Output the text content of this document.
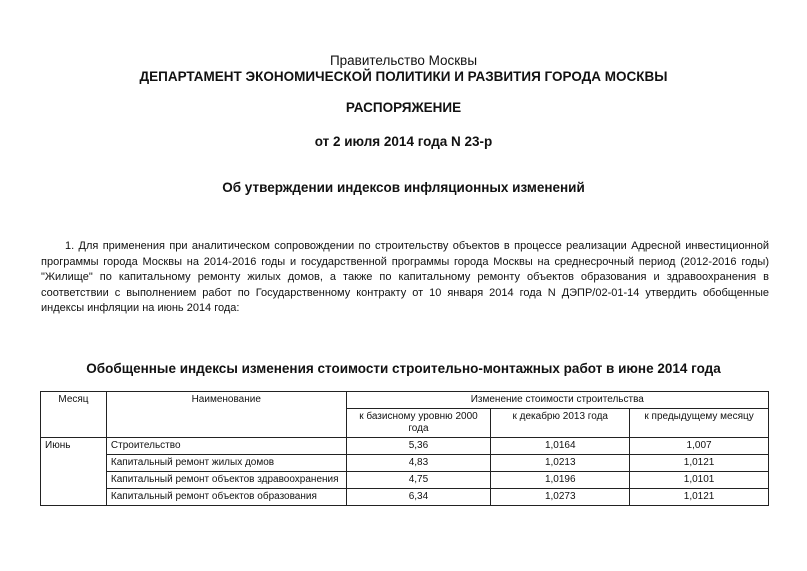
Правительство Москвы
ДЕПАРТАМЕНТ ЭКОНОМИЧЕСКОЙ ПОЛИТИКИ И РАЗВИТИЯ ГОРОДА МОСКВЫ
РАСПОРЯЖЕНИЕ
от 2 июля 2014 года N 23-р
Об утверждении индексов инфляционных изменений

1. Для применения при аналитическом сопровождении по строительству объектов в процессе реализации Адресной инвестиционной программы города Москвы на 2014-2016 годы и государственной программы города Москвы на среднесрочный период (2012-2016 годы) "Жилище" по капитальному ремонту жилых домов, а также по капитальному ремонту объектов образования и здравоохранения в соответствии с выполнением работ по Государственному контракту от 10 января 2014 года N ДЭПР/02-01-14 утвердить обобщенные индексы инфляции на июнь 2014 года:

Обобщенные индексы изменения стоимости строительно-монтажных работ в июне 2014 года
Месяц	Наименование	Изменение стоимости строительства		
		к базисному уровню 2000 года	к декабрю 2013 года	к предыдущему месяцу
Июнь	Строительство	5,36	1,0164	1,007
	Капитальный ремонт жилых домов	4,83	1,0213	1,0121
	Капитальный ремонт объектов здравоохранения	4,75	1,0196	1,0101
	Капитальный ремонт объектов образования	6,34	1,0273	1,0121
